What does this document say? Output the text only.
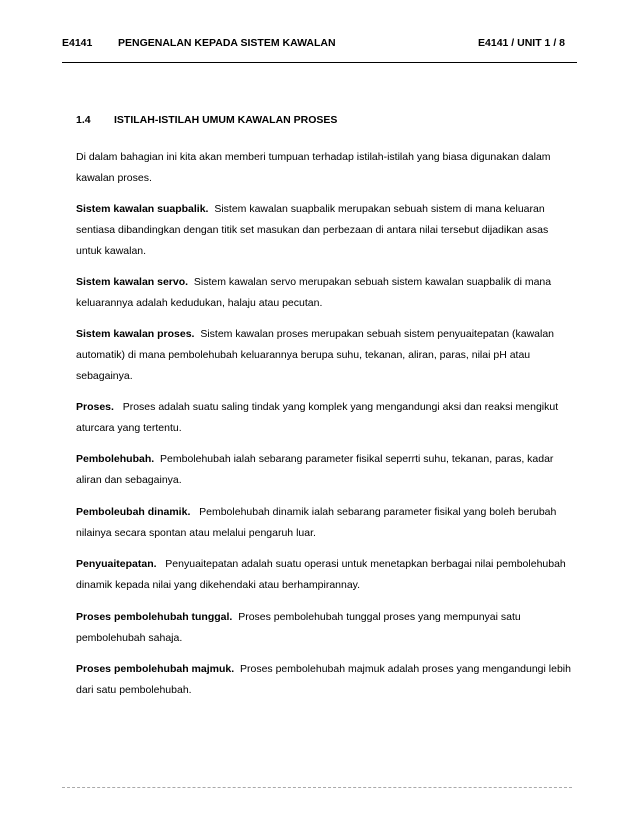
E4141 PENGENALAN KEPADA SISTEM KAWALAN	E4141 / UNIT 1 / 8
1.4 ISTILAH-ISTILAH UMUM KAWALAN PROSES

Di dalam bahagian ini kita akan memberi tumpuan terhadap istilah-istilah yang biasa digunakan dalam kawalan proses.

Sistem kawalan suapbalik. Sistem kawalan suapbalik merupakan sebuah sistem di mana keluaran sentiasa dibandingkan dengan titik set masukan dan perbezaan di antara nilai tersebut dijadikan asas untuk kawalan.

Sistem kawalan servo. Sistem kawalan servo merupakan sebuah sistem kawalan suapbalik di mana keluarannya adalah kedudukan, halaju atau pecutan.

Sistem kawalan proses. Sistem kawalan proses merupakan sebuah sistem penyuaitepatan (kawalan automatik) di mana pembolehubah keluarannya berupa suhu, tekanan, aliran, paras, nilai pH atau sebagainya.

Proses. Proses adalah suatu saling tindak yang komplek yang mengandungi aksi dan reaksi mengikut aturcara yang tertentu.

Pembolehubah. Pembolehubah ialah sebarang parameter fisikal seperrti suhu, tekanan, paras, kadar aliran dan sebagainya.

Pemboleubah dinamik. Pembolehubah dinamik ialah sebarang parameter fisikal yang boleh berubah nilainya secara spontan atau melalui pengaruh luar.

Penyuaitepatan. Penyuaitepatan adalah suatu operasi untuk menetapkan berbagai nilai pembolehubah dinamik kepada nilai yang dikehendaki atau berhampirannay.

Proses pembolehubah tunggal. Proses pembolehubah tunggal proses yang mempunyai satu pembolehubah sahaja.

Proses pembolehubah majmuk. Proses pembolehubah majmuk adalah proses yang mengandungi lebih dari satu pembolehubah.
